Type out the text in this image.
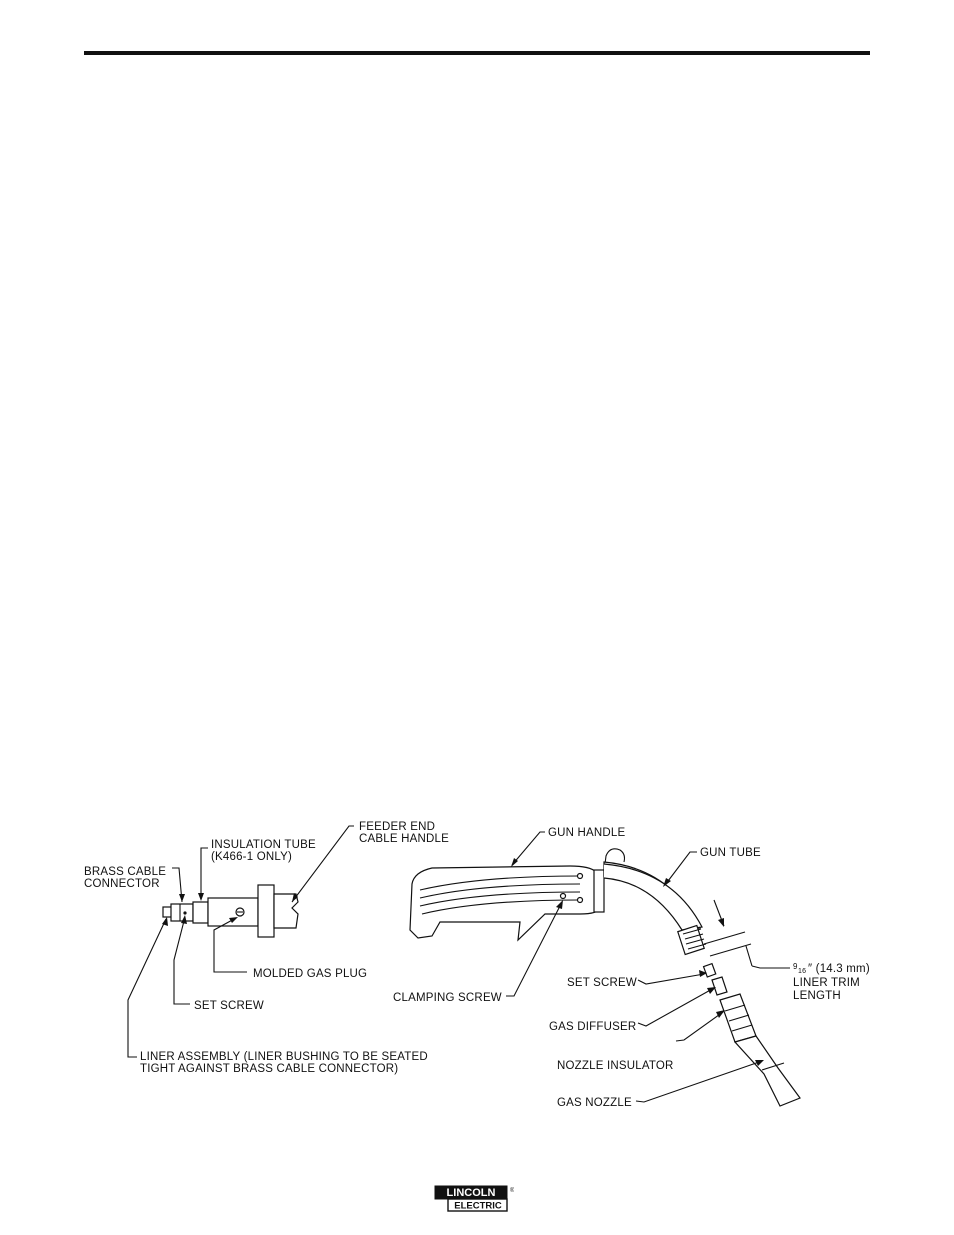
FEEDER END
CABLE HANDLE
INSULATION TUBE
(K466-1 ONLY)
BRASS CABLE
CONNECTOR
MOLDED GAS PLUG
SET SCREW
LINER ASSEMBLY (LINER BUSHING TO BE SEATED
TIGHT AGAINST BRASS CABLE CONNECTOR)
GUN HANDLE
GUN TUBE
SET SCREW
CLAMPING SCREW
GAS DIFFUSER
NOZZLE INSULATOR
GAS NOZZLE
9
16 ″ (14.3 mm)
LINER TRIM
LENGTH
LINCOLN ®
ELECTRIC
